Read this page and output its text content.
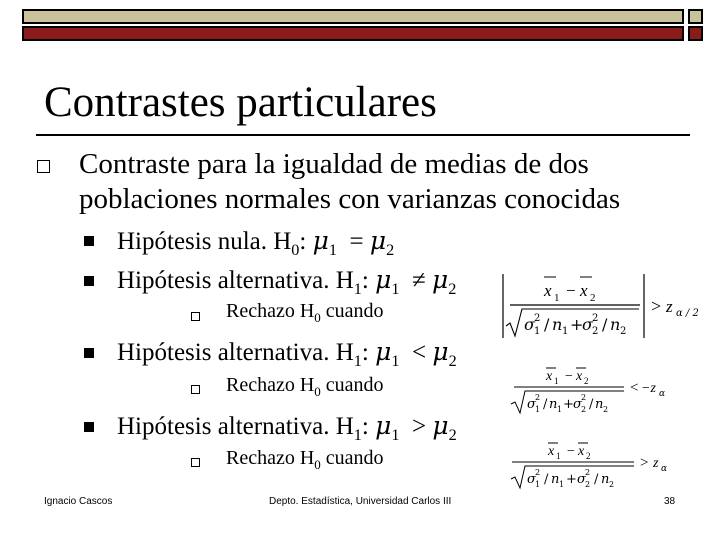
Contrastes particulares
Contraste para la igualdad de medias de dos
poblaciones normales con varianzas conocidas
Hipótesis nula. $H_0$: $\mu_1 = \mu_2$
Hipótesis alternativa. $H_1$: $\mu_1 \ne \mu_2$
Rechazo $H_0$ cuando
x 1 − x 2
σ 2
1 / n 1 +
σ 2
2 / n 2
> z α / 2
Hipótesis alternativa. $H_1$: $\mu_1 < \mu_2$
Rechazo $H_0$ cuando	x 1 − x 2
σ 2
1 / n 1 + σ 2
2 / n 2
< −z α
Hipótesis alternativa. $H_1$: $\mu_1 > \mu_2$
Rechazo $H_0$ cuando	x 1 − x 2
σ 2
1 / n 1 + σ 2
2 / n 2
> z α
Ignacio Cascos	Depto. Estadística, Universidad Carlos III	38
